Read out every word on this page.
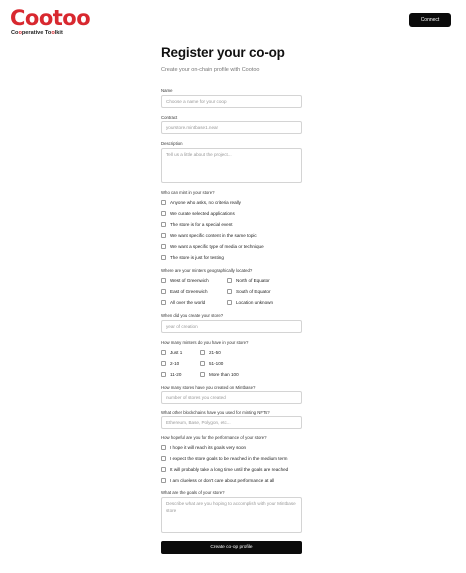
Cootoo
Cooperative Toolkit
Connect
Register your co-op
Create your on-chain profile with Cootoo
Name
Choose a name for your coop
Contract
yourstore.mintbase1.near
Description
Tell us a little about the project...
Who can mint in your store?
Anyone who asks, no criteria really
We curate selected applications
The store is for a special event
We want specific content in the same topic
We want a specific type of media or technique
The store is just for testing
Where are your minters geographically located?
West of Greenwich
East of Greenwich
All over the world
North of Equator
South of Equator
Location unknown
When did you create your store?
year of creation
How many minters do you have in your store?
Just 1
2-10
11-20
21-50
51-100
More than 100
How many stores have you created on Mintbase?
number of stores you created
What other blockchains have you used for minting NFTs?
Ethereum, Base, Polygon, etc...
How hopeful are you for the performance of your store?
I hope it will reach its goals very soon
I expect the store goals to be reached in the medium term
It will probably take a long time until the goals are reached
I am clueless or don't care about performance at all
What are the goals of your store?
Describe what are you hoping to accomplish with your Mintbase store
Create co-op profile
